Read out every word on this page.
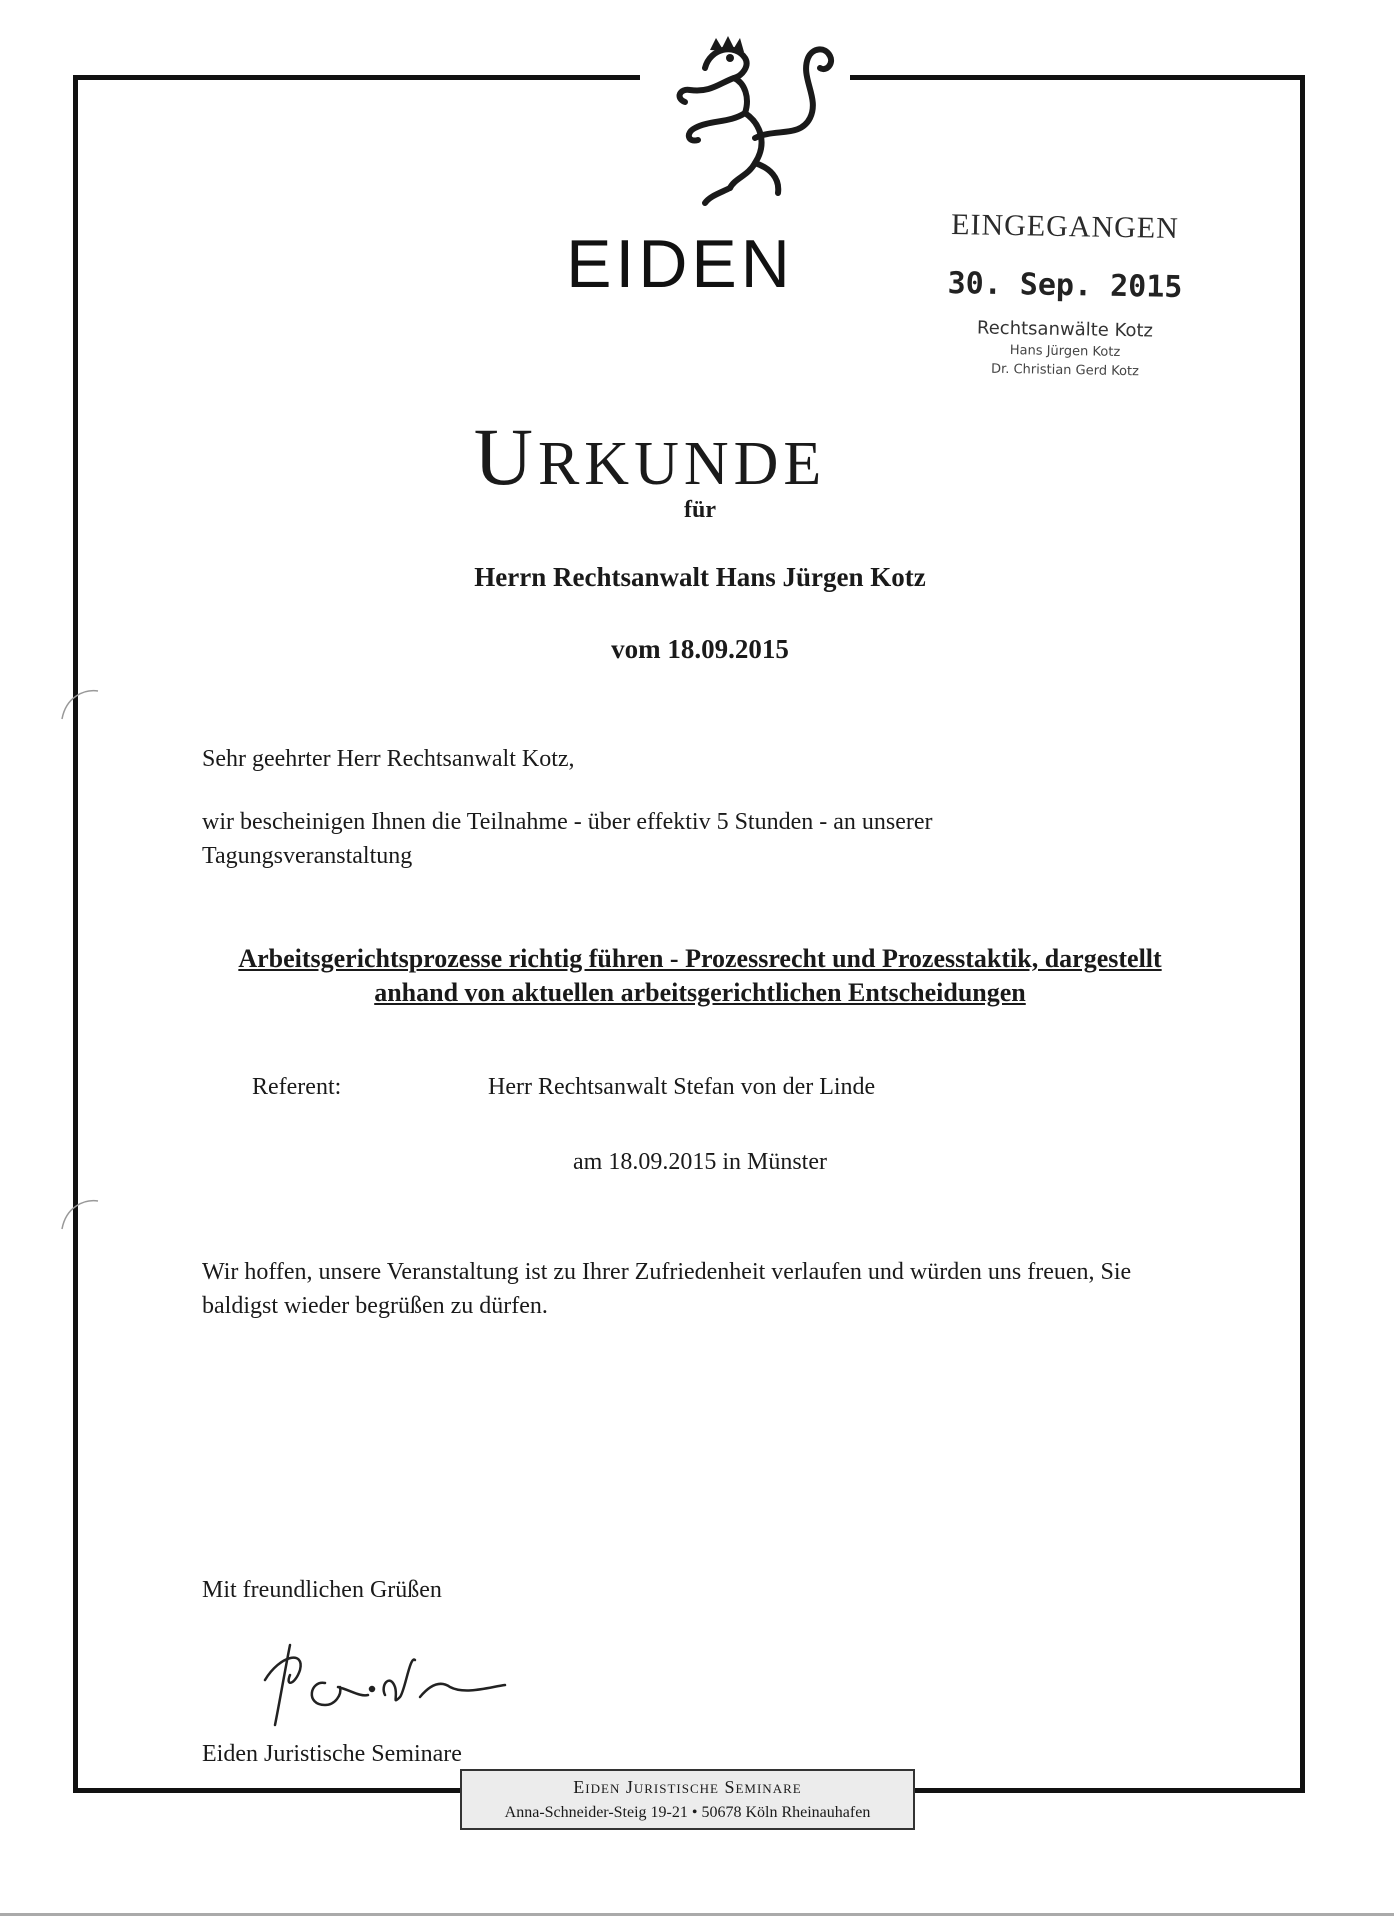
EIDEN	EINGEGANGEN
30. Sep. 2015
Rechtsanwälte Kotz
Hans Jürgen Kotz
Dr. Christian Gerd Kotz
URKUNDE
für
Herrn Rechtsanwalt Hans Jürgen Kotz
vom 18.09.2015
Sehr geehrter Herr Rechtsanwalt Kotz,
wir bescheinigen Ihnen die Teilnahme - über effektiv 5 Stunden - an unserer Tagungsveranstaltung
Arbeitsgerichtsprozesse richtig führen - Prozessrecht und Prozesstaktik, dargestellt
anhand von aktuellen arbeitsgerichtlichen Entscheidungen
Referent:	Herr Rechtsanwalt Stefan von der Linde
am 18.09.2015 in Münster
Wir hoffen, unsere Veranstaltung ist zu Ihrer Zufriedenheit verlaufen und würden uns freuen, Sie baldigst wieder begrüßen zu dürfen.
Mit freundlichen Grüßen
Eiden Juristische Seminare
Eiden Juristische Seminare
Anna-Schneider-Steig 19-21 • 50678 Köln Rheinauhafen
